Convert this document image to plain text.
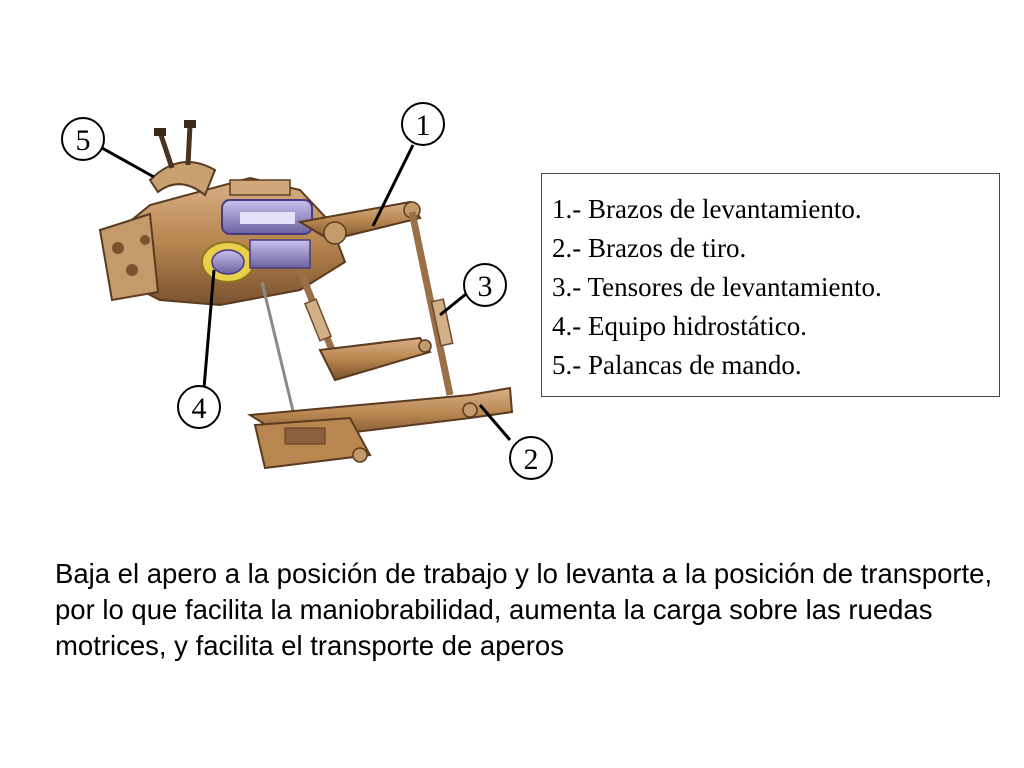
1
2
3
4
5
1.- Brazos de levantamiento.
2.- Brazos de tiro.
3.- Tensores de levantamiento.
4.- Equipo hidrostático.
5.- Palancas de mando.

Baja el apero a la posición de trabajo y lo levanta a la posición de transporte, por lo que facilita la maniobrabilidad, aumenta la carga sobre las ruedas motrices, y facilita el transporte de aperos
